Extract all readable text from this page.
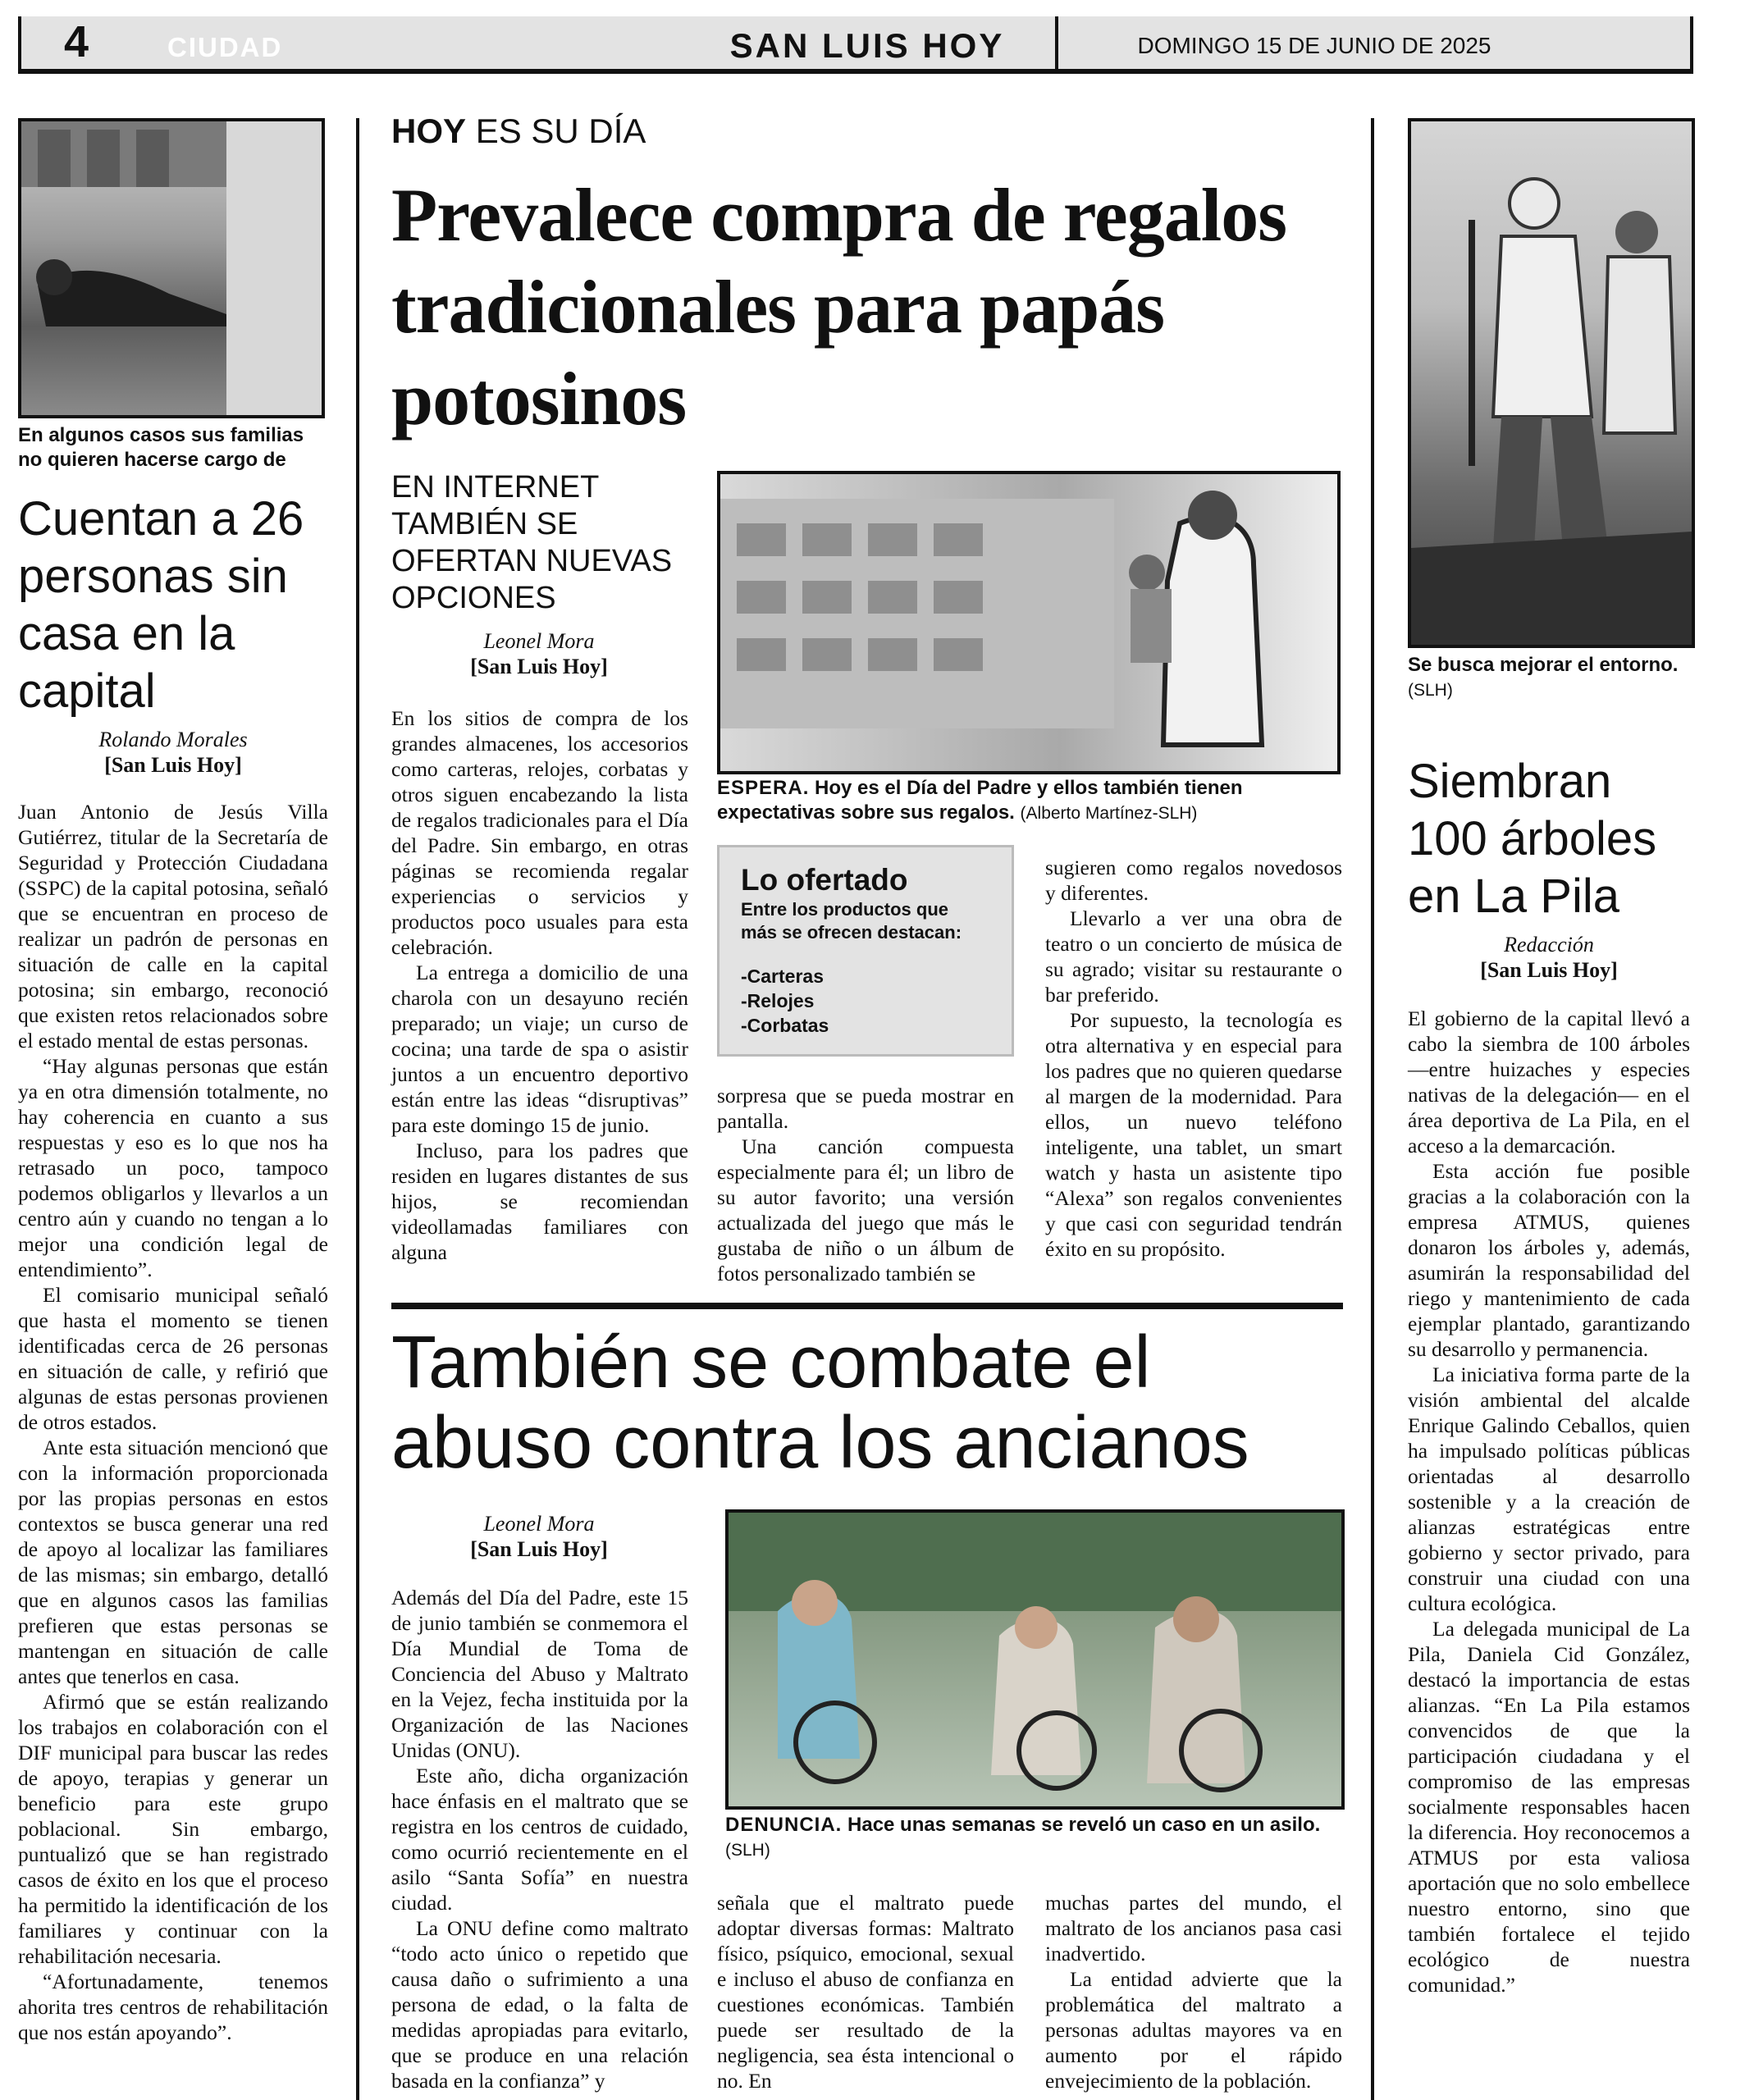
4	CIUDAD	SAN LUIS HOY	DOMINGO 15 DE JUNIO DE 2025
En algunos casos sus familias no quieren hacerse cargo de
Cuentan a 26 personas sin casa en la capital
Rolando Morales
[San Luis Hoy]

Juan Antonio de Jesús Villa Gutiérrez, titular de la Secretaría de Seguridad y Protección Ciudadana (SSPC) de la capital potosina, señaló que se encuentran en proceso de realizar un padrón de personas en situación de calle en la capital potosina; sin embargo, reconoció que existen retos relacionados sobre el estado mental de estas personas.

“Hay algunas personas que están ya en otra dimensión totalmente, no hay coherencia en cuanto a sus respuestas y eso es lo que nos ha retrasado un poco, tampoco podemos obligarlos y llevarlos a un centro aún y cuando no tengan a lo mejor una condición legal de entendimiento”.

El comisario municipal señaló que hasta el momento se tienen identificadas cerca de 26 personas en situación de calle, y refirió que algunas de estas personas provienen de otros estados.

Ante esta situación mencionó que con la información proporcionada por las propias personas en estos contextos se busca generar una red de apoyo al localizar las familiares de las mismas; sin embargo, detalló que en algunos casos las familias prefieren que estas personas se mantengan en situación de calle antes que tenerlos en casa.

Afirmó que se están realizando los trabajos en colaboración con el DIF municipal para buscar las redes de apoyo, terapias y generar un beneficio para este grupo poblacional. Sin embargo, puntualizó que se han registrado casos de éxito en los que el proceso ha permitido la identificación de los familiares y continuar con la rehabilitación necesaria.

“Afortunadamente, tenemos ahorita tres centros de rehabilitación que nos están apoyando”.

HOY ES SU DÍA
Prevalece compra de regalos tradicionales para papás potosinos
EN INTERNET TAMBIÉN SE OFERTAN NUEVAS OPCIONES
Leonel Mora
[San Luis Hoy]
ESPERA. Hoy es el Día del Padre y ellos también tienen expectativas sobre sus regalos. (Alberto Martínez-SLH)

En los sitios de compra de los grandes almacenes, los accesorios como carteras, relojes, corbatas y otros siguen encabezando la lista de regalos tradicionales para el Día del Padre. Sin embargo, en otras páginas se recomienda regalar experiencias o servicios y productos poco usuales para esta celebración.

La entrega a domicilio de una charola con un desayuno recién preparado; un viaje; un curso de cocina; una tarde de spa o asistir juntos a un encuentro deportivo están entre las ideas “disruptivas” para este domingo 15 de junio.

Incluso, para los padres que residen en lugares distantes de sus hijos, se recomiendan videollamadas familiares con alguna

Lo ofertado
Entre los productos que más se ofrecen destacan:
-Carteras
-Relojes
-Corbatas

sorpresa que se pueda mostrar en pantalla.

Una canción compuesta especialmente para él; un libro de su autor favorito; una versión actualizada del juego que más le gustaba de niño o un álbum de fotos personalizado también se

sugieren como regalos novedosos y diferentes.

Llevarlo a ver una obra de teatro o un concierto de música de su agrado; visitar su restaurante o bar preferido.

Por supuesto, la tecnología es otra alternativa y en especial para los padres que no quieren quedarse al margen de la modernidad. Para ellos, un nuevo teléfono inteligente, una tablet, un smart watch y hasta un asistente tipo “Alexa” son regalos convenientes y que casi con seguridad tendrán éxito en su propósito.

También se combate el abuso contra los ancianos
Leonel Mora
[San Luis Hoy]
DENUNCIA. Hace unas semanas se reveló un caso en un asilo. (SLH)

Además del Día del Padre, este 15 de junio también se conmemora el Día Mundial de Toma de Conciencia del Abuso y Maltrato en la Vejez, fecha instituida por la Organización de las Naciones Unidas (ONU).

Este año, dicha organización hace énfasis en el maltrato que se registra en los centros de cuidado, como ocurrió recientemente en el asilo “Santa Sofía” en nuestra ciudad.

La ONU define como maltrato “todo acto único o repetido que causa daño o sufrimiento a una persona de edad, o la falta de medidas apropiadas para evitarlo, que se produce en una relación basada en la confianza” y

señala que el maltrato puede adoptar diversas formas: Maltrato físico, psíquico, emocional, sexual e incluso el abuso de confianza en cuestiones económicas. También puede ser resultado de la negligencia, sea ésta intencional o no. En

muchas partes del mundo, el maltrato de los ancianos pasa casi inadvertido.

La entidad advierte que la problemática del maltrato a personas adultas mayores va en aumento por el rápido envejecimiento de la población.

Se busca mejorar el entorno. (SLH)
Siembran 100 árboles en La Pila
Redacción
[San Luis Hoy]

El gobierno de la capital llevó a cabo la siembra de 100 árboles —entre huizaches y especies nativas de la delegación— en el área deportiva de La Pila, en el acceso a la demarcación.

Esta acción fue posible gracias a la colaboración con la empresa ATMUS, quienes donaron los árboles y, además, asumirán la responsabilidad del riego y mantenimiento de cada ejemplar plantado, garantizando su desarrollo y permanencia.

La iniciativa forma parte de la visión ambiental del alcalde Enrique Galindo Ceballos, quien ha impulsado políticas públicas orientadas al desarrollo sostenible y a la creación de alianzas estratégicas entre gobierno y sector privado, para construir una ciudad con una cultura ecológica.

La delegada municipal de La Pila, Daniela Cid González, destacó la importancia de estas alianzas. “En La Pila estamos convencidos de que la participación ciudadana y el compromiso de las empresas socialmente responsables hacen la diferencia. Hoy reconocemos a ATMUS por esta valiosa aportación que no solo embellece nuestro entorno, sino que también fortalece el tejido ecológico de nuestra comunidad.”
